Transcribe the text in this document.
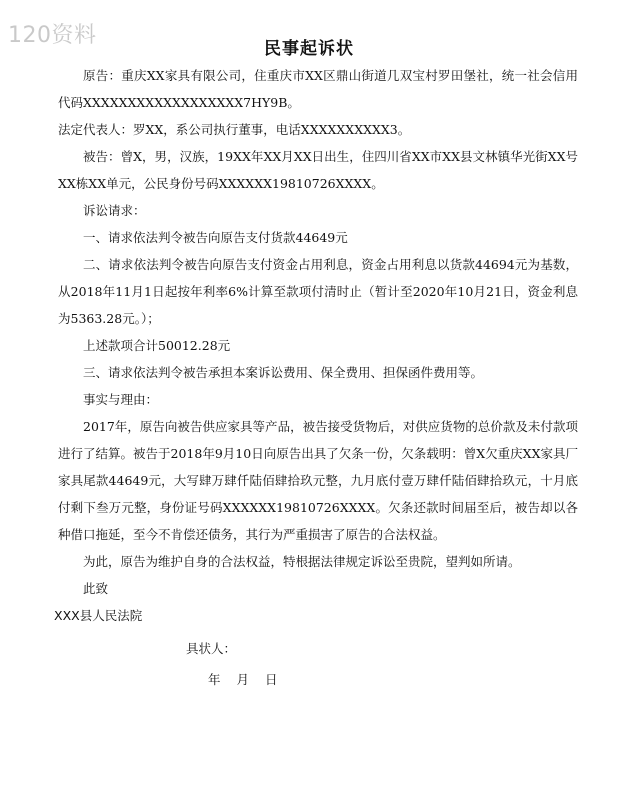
120资料
民事起诉状

原告：重庆XX家具有限公司，住重庆市XX区鼎山街道几双宝村罗田堡社，统一社会信用代码XXXXXXXXXXXXXXXXXX7HY9B。

法定代表人：罗XX，系公司执行董事，电话XXXXXXXXXX3。

被告：曾X，男，汉族，19XX年XX月XX日出生，住四川省XX市XX县文林镇华光街XX号XX栋XX单元，公民身份号码XXXXXX19810726XXXX。

诉讼请求：

一、请求依法判令被告向原告支付货款44649元

二、请求依法判令被告向原告支付资金占用利息，资金占用利息以货款44694元为基数，从2018年11月1日起按年利率6%计算至款项付清时止（暂计至2020年10月21日，资金利息为5363.28元。）；

上述款项合计50012.28元

三、请求依法判令被告承担本案诉讼费用、保全费用、担保函件费用等。

事实与理由：

2017年，原告向被告供应家具等产品，被告接受货物后，对供应货物的总价款及未付款项进行了结算。被告于2018年9月10日向原告出具了欠条一份，欠条载明：曾X欠重庆XX家具厂家具尾款44649元，大写肆万肆仟陆佰肆拾玖元整，九月底付壹万肆仟陆佰肆拾玖元，十月底付剩下叁万元整，身份证号码XXXXXX19810726XXXX。欠条还款时间届至后，被告却以各种借口拖延，至今不肯偿还债务，其行为严重损害了原告的合法权益。

为此，原告为维护自身的合法权益，特根据法律规定诉讼至贵院，望判如所请。

此致

XXX县人民法院

具状人：

年 月 日
